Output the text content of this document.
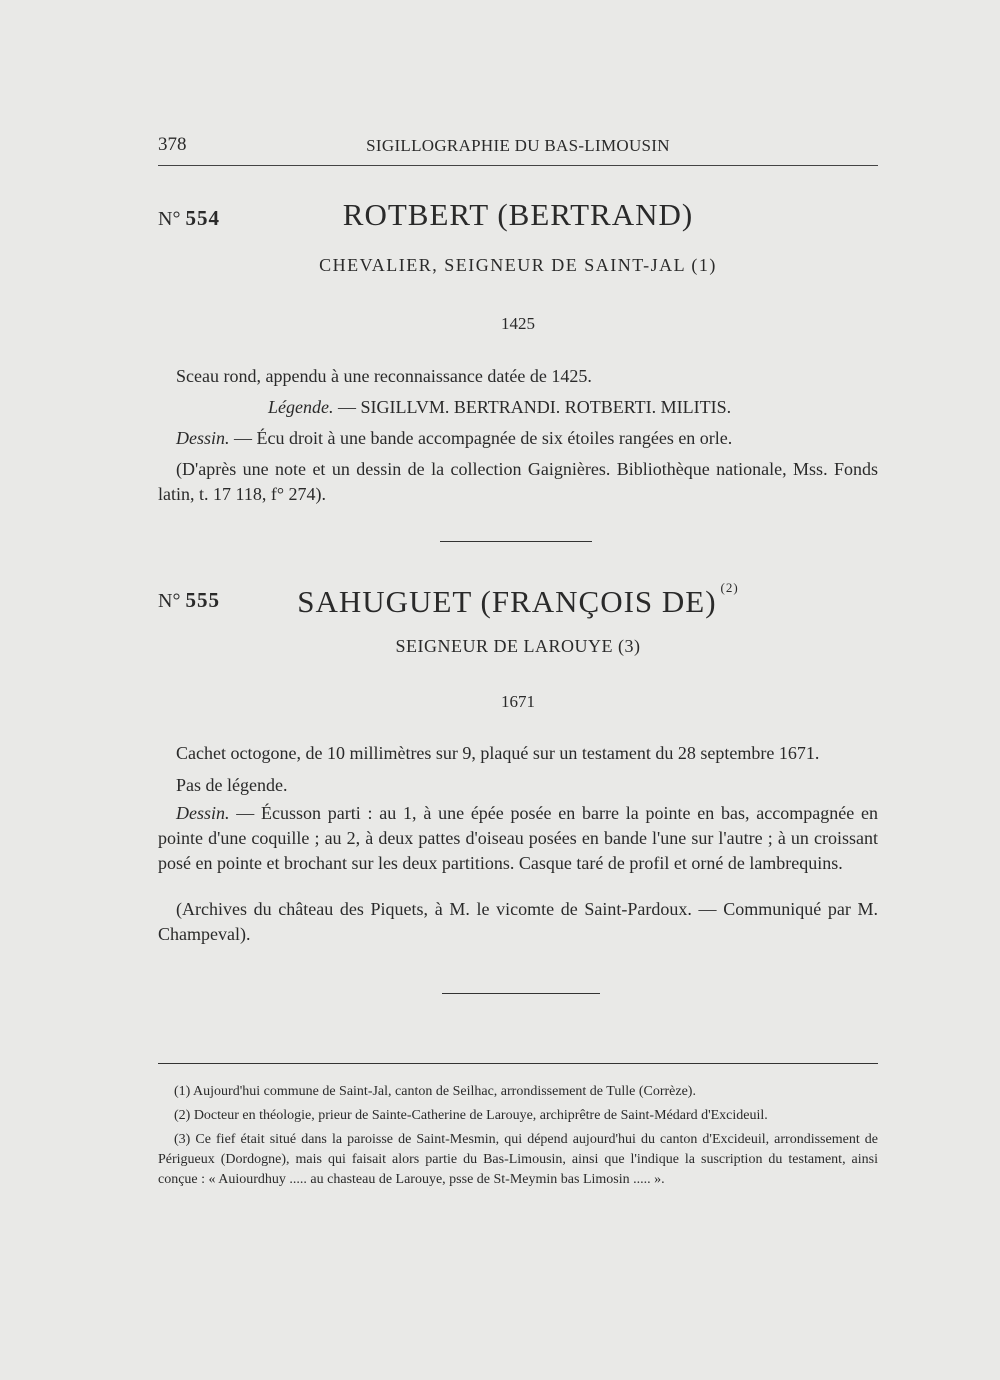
378	SIGILLOGRAPHIE DU BAS-LIMOUSIN
N° 554	ROTBERT (BERTRAND)
CHEVALIER, SEIGNEUR DE SAINT-JAL (1)
1425
Sceau rond, appendu à une reconnaissance datée de 1425.
Légende. — SIGILLVM. BERTRANDI. ROTBERTI. MILITIS.
Dessin. — Écu droit à une bande accompagnée de six étoiles rangées en orle.
(D'après une note et un dessin de la collection Gaignières. Bibliothèque nationale, Mss. Fonds latin, t. 17 118, f° 274).
N° 555	SAHUGUET (FRANÇOIS DE) $^{(2)}$
SEIGNEUR DE LAROUYE (3)
1671
Cachet octogone, de 10 millimètres sur 9, plaqué sur un testament du 28 septembre 1671.
Pas de légende.
Dessin. — Écusson parti : au 1, à une épée posée en barre la pointe en bas, accompagnée en pointe d'une coquille ; au 2, à deux pattes d'oiseau posées en bande l'une sur l'autre ; à un croissant posé en pointe et brochant sur les deux partitions. Casque taré de profil et orné de lambrequins.
(Archives du château des Piquets, à M. le vicomte de Saint-Pardoux. — Communiqué par M. Champeval).
(1) Aujourd'hui commune de Saint-Jal, canton de Seilhac, arrondissement de Tulle (Corrèze).
(2) Docteur en théologie, prieur de Sainte-Catherine de Larouye, archiprêtre de Saint-Médard d'Excideuil.
(3) Ce fief était situé dans la paroisse de Saint-Mesmin, qui dépend aujourd'hui du canton d'Excideuil, arrondissement de Périgueux (Dordogne), mais qui faisait alors partie du Bas-Limousin, ainsi que l'indique la suscription du testament, ainsi conçue : « Auiourdhuy ..... au chasteau de Larouye, psse de St-Meymin bas Limosin ..... ».
